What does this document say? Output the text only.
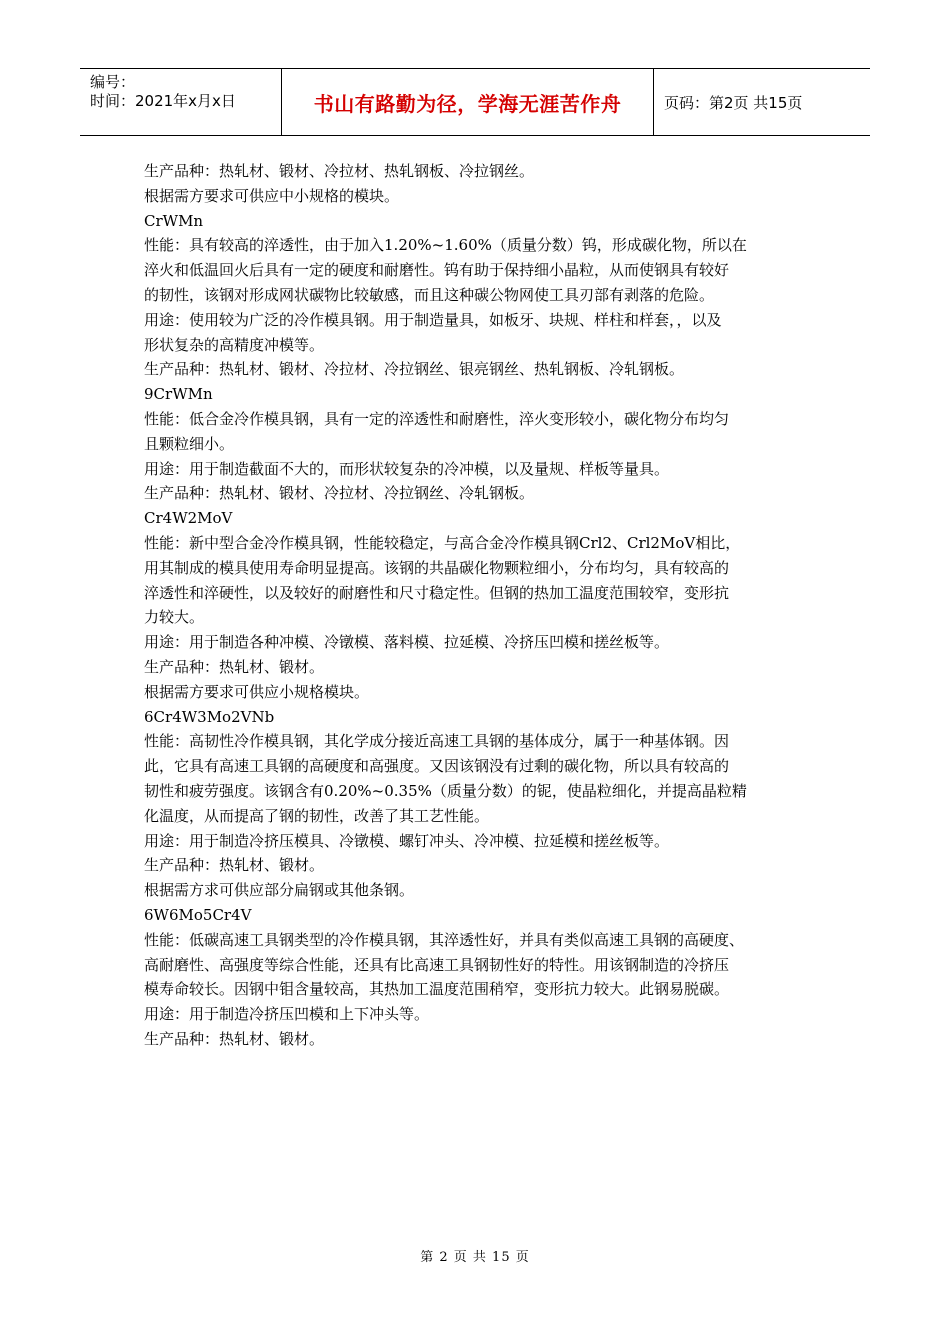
编号：
时间：2021年x月x日	书山有路勤为径，学海无涯苦作舟	页码：第2页 共15页

生产品种：热轧材、锻材、冷拉材、热轧钢板、冷拉钢丝。

根据需方要求可供应中小规格的模块。

CrWMn

性能：具有较高的淬透性，由于加入1.20%~1.60%（质量分数）钨，形成碳化物，所以在

淬火和低温回火后具有一定的硬度和耐磨性。钨有助于保持细小晶粒，从而使钢具有较好

的韧性，该钢对形成网状碳物比较敏感，而且这种碳公物网使工具刃部有剥落的危险。

用途：使用较为广泛的冷作模具钢。用于制造量具，如板牙、块规、样柱和样套，，以及

形状复杂的高精度冲模等。

生产品种：热轧材、锻材、冷拉材、冷拉钢丝、银亮钢丝、热轧钢板、冷轧钢板。

9CrWMn

性能：低合金冷作模具钢，具有一定的淬透性和耐磨性，淬火变形较小，碳化物分布均匀

且颗粒细小。

用途：用于制造截面不大的，而形状较复杂的冷冲模，以及量规、样板等量具。

生产品种：热轧材、锻材、冷拉材、冷拉钢丝、冷轧钢板。

Cr4W2MoV

性能：新中型合金冷作模具钢，性能较稳定，与高合金冷作模具钢Crl2、Crl2MoV相比，

用其制成的模具使用寿命明显提高。该钢的共晶碳化物颗粒细小，分布均匀，具有较高的

淬透性和淬硬性，以及较好的耐磨性和尺寸稳定性。但钢的热加工温度范围较窄，变形抗

力较大。

用途：用于制造各种冲模、冷镦模、落料模、拉延模、冷挤压凹模和搓丝板等。

生产品种：热轧材、锻材。

根据需方要求可供应小规格模块。

6Cr4W3Mo2VNb

性能：高韧性冷作模具钢，其化学成分接近高速工具钢的基体成分，属于一种基体钢。因

此，它具有高速工具钢的高硬度和高强度。又因该钢没有过剩的碳化物，所以具有较高的

韧性和疲劳强度。该钢含有0.20%~0.35%（质量分数）的铌，使晶粒细化，并提高晶粒精

化温度，从而提高了钢的韧性，改善了其工艺性能。

用途：用于制造冷挤压模具、冷镦模、螺钉冲头、冷冲模、拉延模和搓丝板等。

生产品种：热轧材、锻材。

根据需方求可供应部分扁钢或其他条钢。

6W6Mo5Cr4V

性能：低碳高速工具钢类型的冷作模具钢，其淬透性好，并具有类似高速工具钢的高硬度、

高耐磨性、高强度等综合性能，还具有比高速工具钢韧性好的特性。用该钢制造的冷挤压

模寿命较长。因钢中钼含量较高，其热加工温度范围稍窄，变形抗力较大。此钢易脱碳。

用途：用于制造冷挤压凹模和上下冲头等。

生产品种：热轧材、锻材。

第 2 页 共 15 页
